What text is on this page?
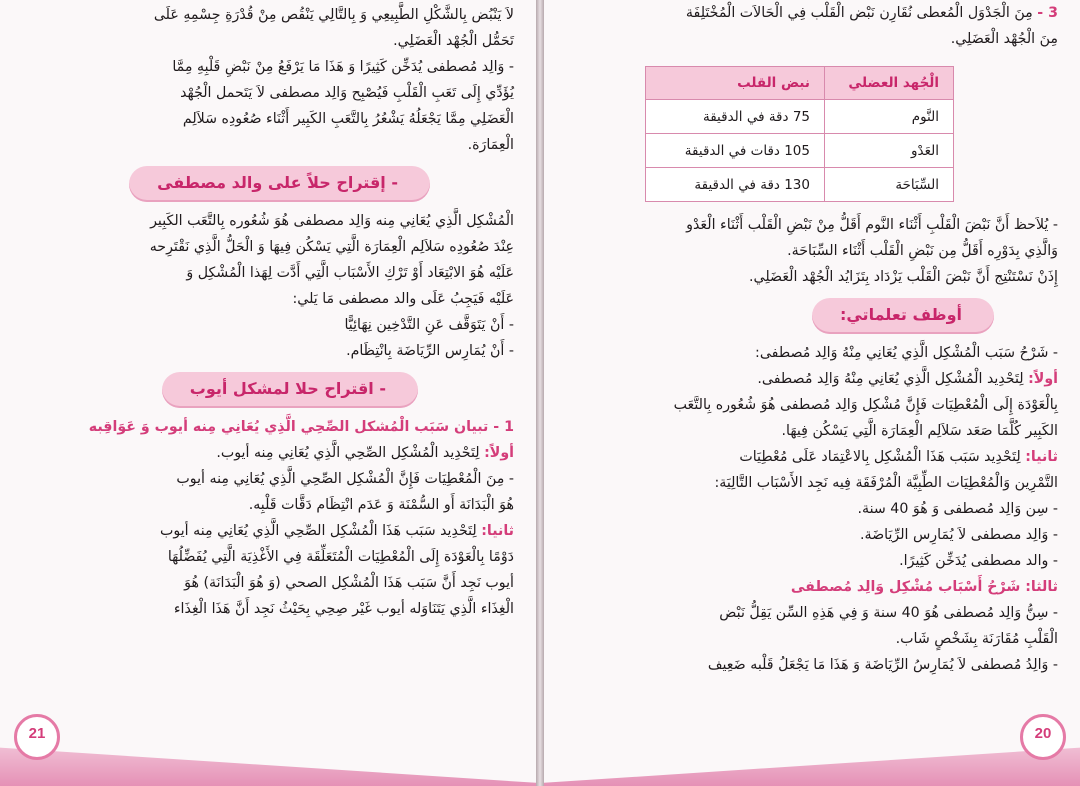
لاَ يَنْبُض بِالشَّكْلِ الطَّبِيعِي وَ بِالتَّالِي يَنْقُص مِنْ قُدْرَةِ جِسْمِهِ عَلَى

تَحَمُّل الْجُهْد الْعَضَلِي.

- وَالِد مُصطفى يُدَخِّن كَثِيرًا وَ هَذَا مَا يَرْفَعُ مِنْ نَبْضِ قَلْبِهِ مِمَّا

يُؤَدِّي إِلَى تَعَبِ الْقَلْبِ فَيُصْبِح وَالِد مصطفى لاَ يَتَحمل الْجُهْد

الْعَضَلِي مِمَّا يَجْعَلُهُ يَشْعُرُ بِالتَّعَبِ الكَبِير أَثْنَاء صُعُودِه سَلاَلِم

الْعِمَارَة.

- إقتراح حلاً على والد مصطفى

الْمُشْكِل الَّذِي يُعَانِي مِنه وَالِد مصطفى هُوَ شُعُوره بِالتَّعَب الكَبِير

عِنْدَ صُعُودِه سَلاَلِم الْعِمَارَة الَّتِي يَسْكُن فِيهَا وَ الْحَلُّ الَّذِي نَقْتَرِحه

عَلَيْه هُوَ الابْتِعَاد أَوْ تَرْكِ الأَسْبَاب الَّتِي أَدَّت لِهَذا الْمُشْكِل وَ

عَلَيْه فَيَجِبُ عَلَى والد مصطفى مَا يَلي:

- أَنْ يَتَوَقَّف عَنِ التَّدْخِين نِهَائِيًّا

- أَنْ يُمَارِس الرِّيَاضَة بِانْتِظَام.

- اقتراح حلا لمشكل أيوب

1 - تبيان سَبَب الْمُشكل الصِّحِي الَّذِي يُعَانِي مِنه أيوب وَ عَوَاقِبه

أولاً: لِتَحْدِيد الْمُشْكِل الصِّحِي الَّذِي يُعَانِي مِنه أيوب.

- مِنَ الْمُعْطِيَات فَإِنَّ الْمُشْكِل الصِّحِي الَّذِي يُعَانِي مِنه أيوب

هُوَ الْبَدَانَة أَو السُّمْنَة وَ عَدَم انْتِظَام دَقَّات قَلْبِه.

ثانيا: لِتَحْدِيد سَبَب هَذَا الْمُشْكِل الصِّحِي الَّذِي يُعَانِي مِنه أيوب

دَوْمًا بِالْعَوْدَة إِلَى الْمُعْطِيَات الْمُتَعَلِّقَة فِي الأَغْذِيَة الَّتِي يُفَضِّلُهَا

أيوب نَجِد أَنَّ سَبَب هَذَا الْمُشْكِل الصحي (وَ هُوَ الْبَدَانَة) هُوَ

الْغِذَاء الَّذِي يَتَنَاوَله أيوب غَيْر صِحِي بِحَيْثُ نَجِد أَنَّ هَذَا الْغِذَاء

21

3 - مِنَ الْجَدْوَل الْمُعطى نُقَارِن نَبْض الْقَلْب فِي الْحَالاَت الْمُخْتَلِفَة

مِنَ الْجُهْد الْعَضَلِي.

الْجُهد العضلي	نبض القلب
النَّوم	75 دقة في الدقيقة
العَدْو	105 دقات في الدقيقة
السِّبَاحَة	130 دقة في الدقيقة

- يُلاَحظ أَنَّ نَبْضَ الْقَلْبِ أَثْنَاء النَّوم أَقَلُّ مِنْ نَبْضِ الْقَلْب أَثْنَاء الْعَدْو

وَالَّذِي بِدَوْرِه أَقَلُّ مِن نَبْضِ الْقَلْب أَثْنَاء السِّبَاحَة.

إِذَنْ نَسْتَنْتِج أَنَّ نَبْضَ الْقَلْب يَزْدَاد بِتَزَايُد الْجُهْد الْعَضَلِي.

أوظف تعلماتي:

- شَرْحُ سَبَب الْمُشْكِل الَّذِي يُعَانِي مِنْهُ وَالِد مُصطفى:

أولاً: لِتَحْدِيد الْمُشْكِل الَّذِي يُعَانِي مِنْهُ وَالِد مُصطفى.

بِالْعَوْدَة إِلَى الْمُعْطِيَات فَإِنَّ مُشْكِل وَالِد مُصطفى هُوَ شُعُوره بِالتَّعَب

الكَبِير كُلَّمَا صَعَد سَلاَلِم الْعِمَارَة الَّتِي يَسْكُن فِيهَا.

ثانيا: لِتَحْدِيد سَبَب هَذَا الْمُشْكِل بِالاعْتِمَاد عَلَى مُعْطِيَات

التَّمْرِين وَالْمُعْطِيَات الطِّبِيَّة الْمُرْفَقَة فِيه نَجِد الأَسْبَاب التَّالِيَة:

- سِن وَالِد مُصطفى وَ هُوَ 40 سنة.

- وَالِد مصطفى لاَ يُمَارِس الرِّيَاضَة.

- والد مصطفى يُدَخِّن كَثِيرًا.

ثالثا: شَرْحُ أَسْبَاب مُشْكِل وَالِد مُصطفى

- سِنُّ وَالِد مُصطفى هُوَ 40 سنة وَ فِي هَذِهِ السِّن يَقِلُّ نَبْض

الْقَلْبِ مُقَارَنَة بِشَخْصٍ شَاب.

- وَالِدُ مُصطفى لاَ يُمَارِسُ الرِّيَاضَة وَ هَذَا مَا يَجْعَلُ قَلْبه ضَعِيف

20
